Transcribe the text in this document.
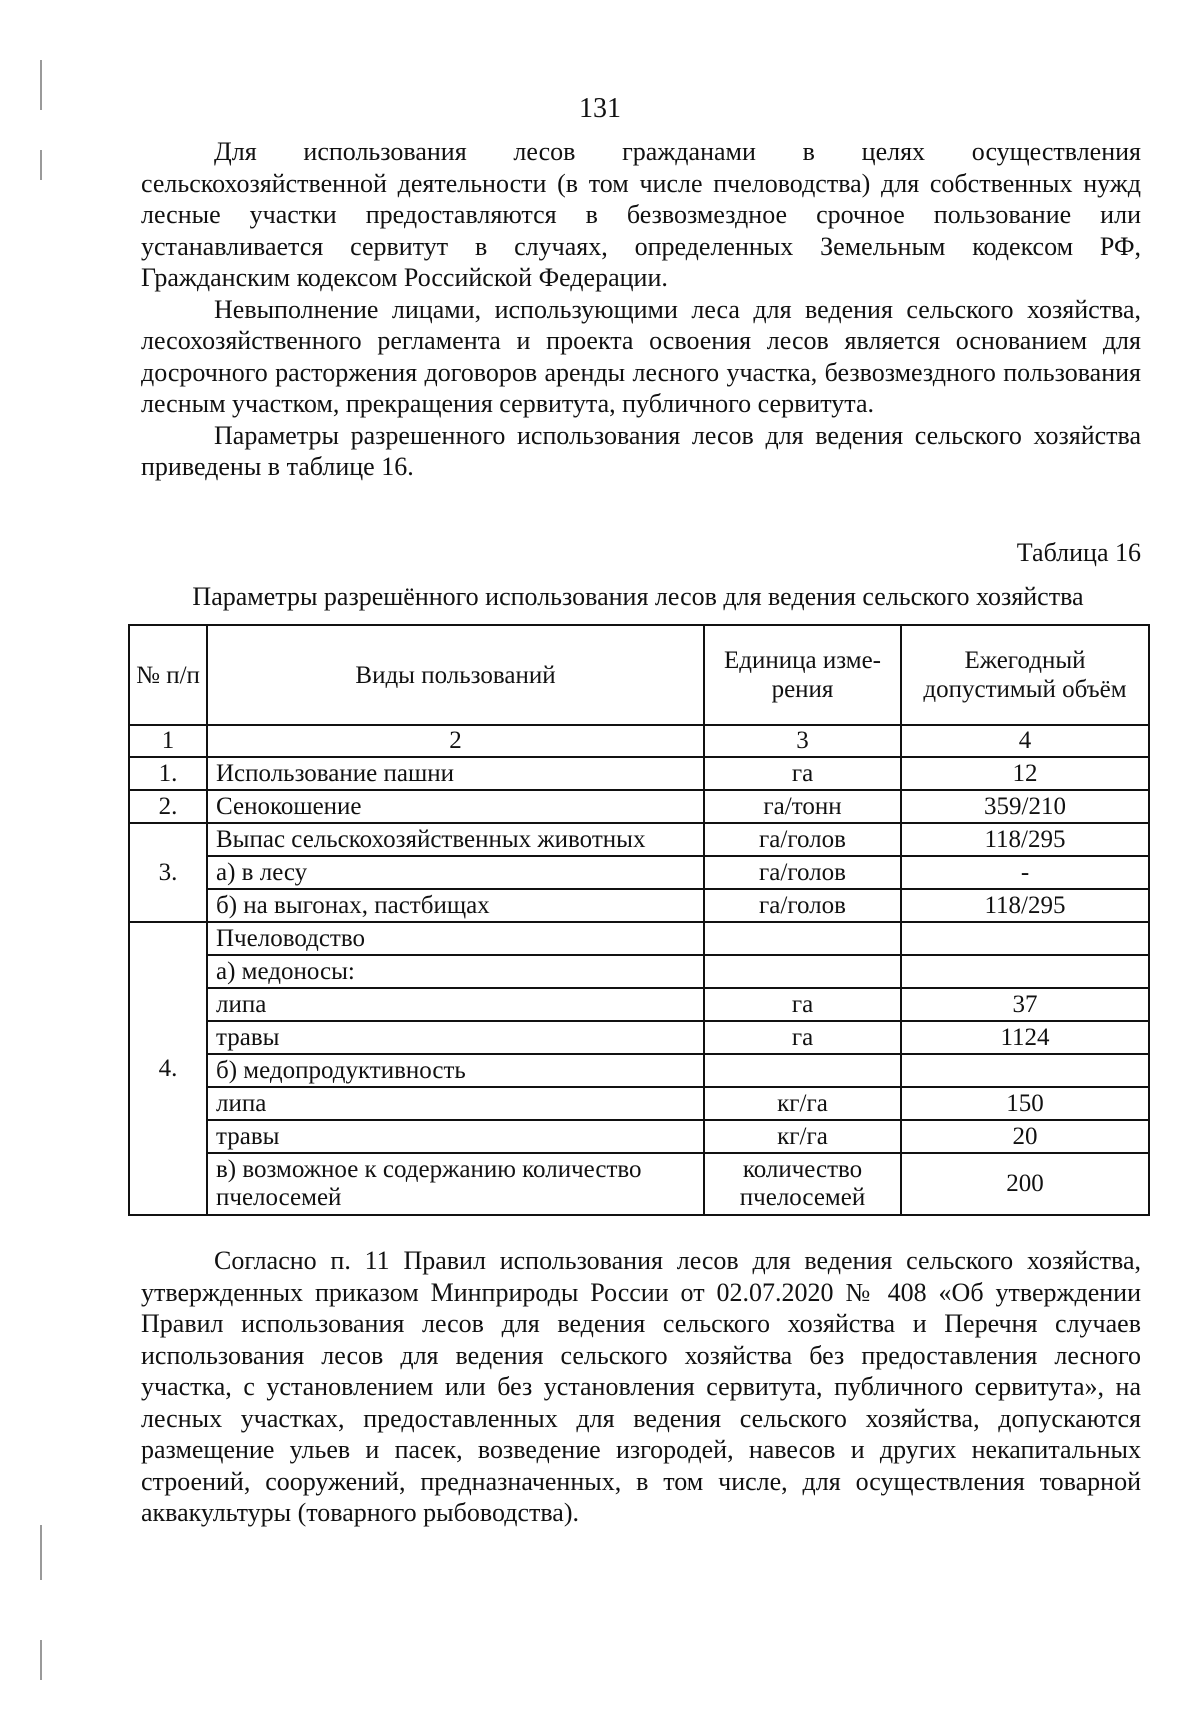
131

Для использования лесов гражданами в целях осуществления сельскохозяйственной деятельности (в том числе пчеловодства) для собственных нужд лесные участки предоставляются в безвозмездное срочное пользование или устанавливается сервитут в случаях, определенных Земельным кодексом РФ, Гражданским кодексом Российской Федерации.

Невыполнение лицами, использующими леса для ведения сельского хозяйства, лесохозяйственного регламента и проекта освоения лесов является основанием для досрочного расторжения договоров аренды лесного участка, безвозмездного пользования лесным участком, прекращения сервитута, публичного сервитута.

Параметры разрешенного использования лесов для ведения сельского хозяйства приведены в таблице 16.

Таблица 16
Параметры разрешённого использования лесов для ведения сельского хозяйства
№ п/п	Виды пользований	Единица изме-рения	Ежегодный допустимый объём
1	2	3	4
1.	Использование пашни	га	12
2.	Сенокошение	га/тонн	359/210
3.	Выпас сельскохозяйственных животных	га/голов	118/295
	а) в лесу	га/голов	-
	б) на выгонах, пастбищах	га/голов	118/295
4.	Пчеловодство		
	а) медоносы:		
	липа	га	37
	травы	га	1124
	б) медопродуктивность		
	липа	кг/га	150
	травы	кг/га	20
	в) возможное к содержанию количество пчелосемей	количество пчелосемей	200

Согласно п. 11 Правил использования лесов для ведения сельского хозяйства, утвержденных приказом Минприроды России от 02.07.2020 № 408 «Об утверждении Правил использования лесов для ведения сельского хозяйства и Перечня случаев использования лесов для ведения сельского хозяйства без предоставления лесного участка, с установлением или без установления сервитута, публичного сервитута», на лесных участках, предоставленных для ведения сельского хозяйства, допускаются размещение ульев и пасек, возведение изгородей, навесов и других некапитальных строений, сооружений, предназначенных, в том числе, для осуществления товарной аквакультуры (товарного рыбоводства).
